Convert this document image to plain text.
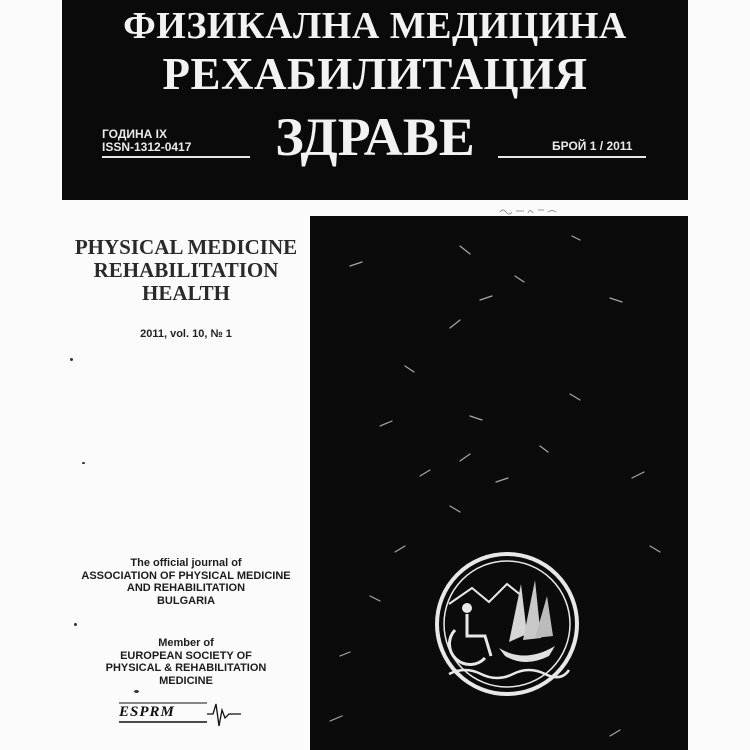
ФИЗИКАЛНА МЕДИЦИНА
РЕХАБИЛИТАЦИЯ
ЗДРАВЕ
ГОДИНА IX
ISSN-1312-0417	БРОЙ 1 / 2011
PHYSICAL MEDICINE
REHABILITATION
HEALTH
2011, vol. 10, № 1
The official journal of
ASSOCIATION OF PHYSICAL MEDICINE
AND REHABILITATION
BULGARIA
Member of
EUROPEAN SOCIETY OF
PHYSICAL & REHABILITATION
MEDICINE
ESPRM
